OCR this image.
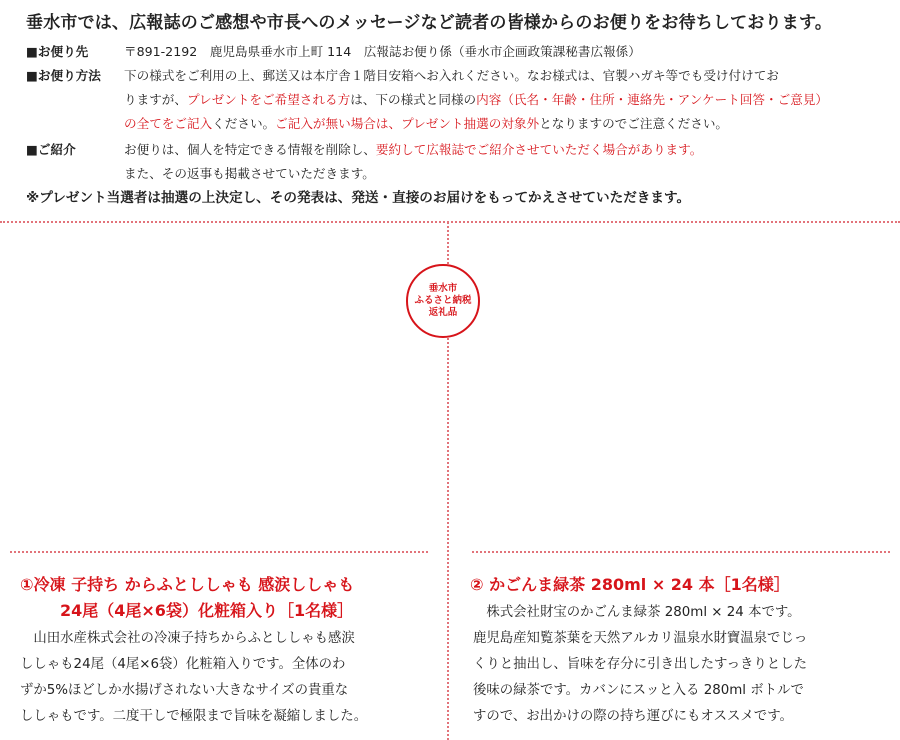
垂水市では、広報誌のご感想や市長へのメッセージなど読者の皆様からのお便りをお待ちしております。
■お便り先	〒891-2192　鹿児島県垂水市上町 114　広報誌お便り係（垂水市企画政策課秘書広報係）
■お便り方法 下の様式をご利用の上、郵送又は本庁舎１階目安箱へお入れください。なお様式は、官製ハガキ等でも受け付けてお
りますが、プレゼントをご希望される方は、下の様式と同様の内容（氏名・年齢・住所・連絡先・アンケート回答・ご意見）
の全てをご記入ください。ご記入が無い場合は、プレゼント抽選の対象外となりますのでご注意ください。
■ご紹介	お便りは、個人を特定できる情報を削除し、要約して広報誌でご紹介させていただく場合があります。
また、その返事も掲載させていただきます。
※プレゼント当選者は抽選の上決定し、その発表は、発送・直接のお届けをもってかえさせていただきます。
垂水市
ふるさと納税
返礼品
①冷凍 子持ち からふとししゃも 感涙ししゃも
24尾（4尾×6袋）化粧箱入り［1名様］
　山田水産株式会社の冷凍子持ちからふとししゃも感涙
ししゃも24尾（4尾×6袋）化粧箱入りです。全体のわ
ずか5%ほどしか水揚げされない大きなサイズの貴重な
ししゃもです。二度干しで極限まで旨味を凝縮しました。
② かごんま緑茶 280ml × 24 本［1名様］
　株式会社財宝のかごんま緑茶 280ml × 24 本です。
鹿児島産知覧茶葉を天然アルカリ温泉水財寶温泉でじっ
くりと抽出し、旨味を存分に引き出したすっきりとした
後味の緑茶です。カバンにスッと入る 280ml ボトルで
すので、お出かけの際の持ち運びにもオススメです。
